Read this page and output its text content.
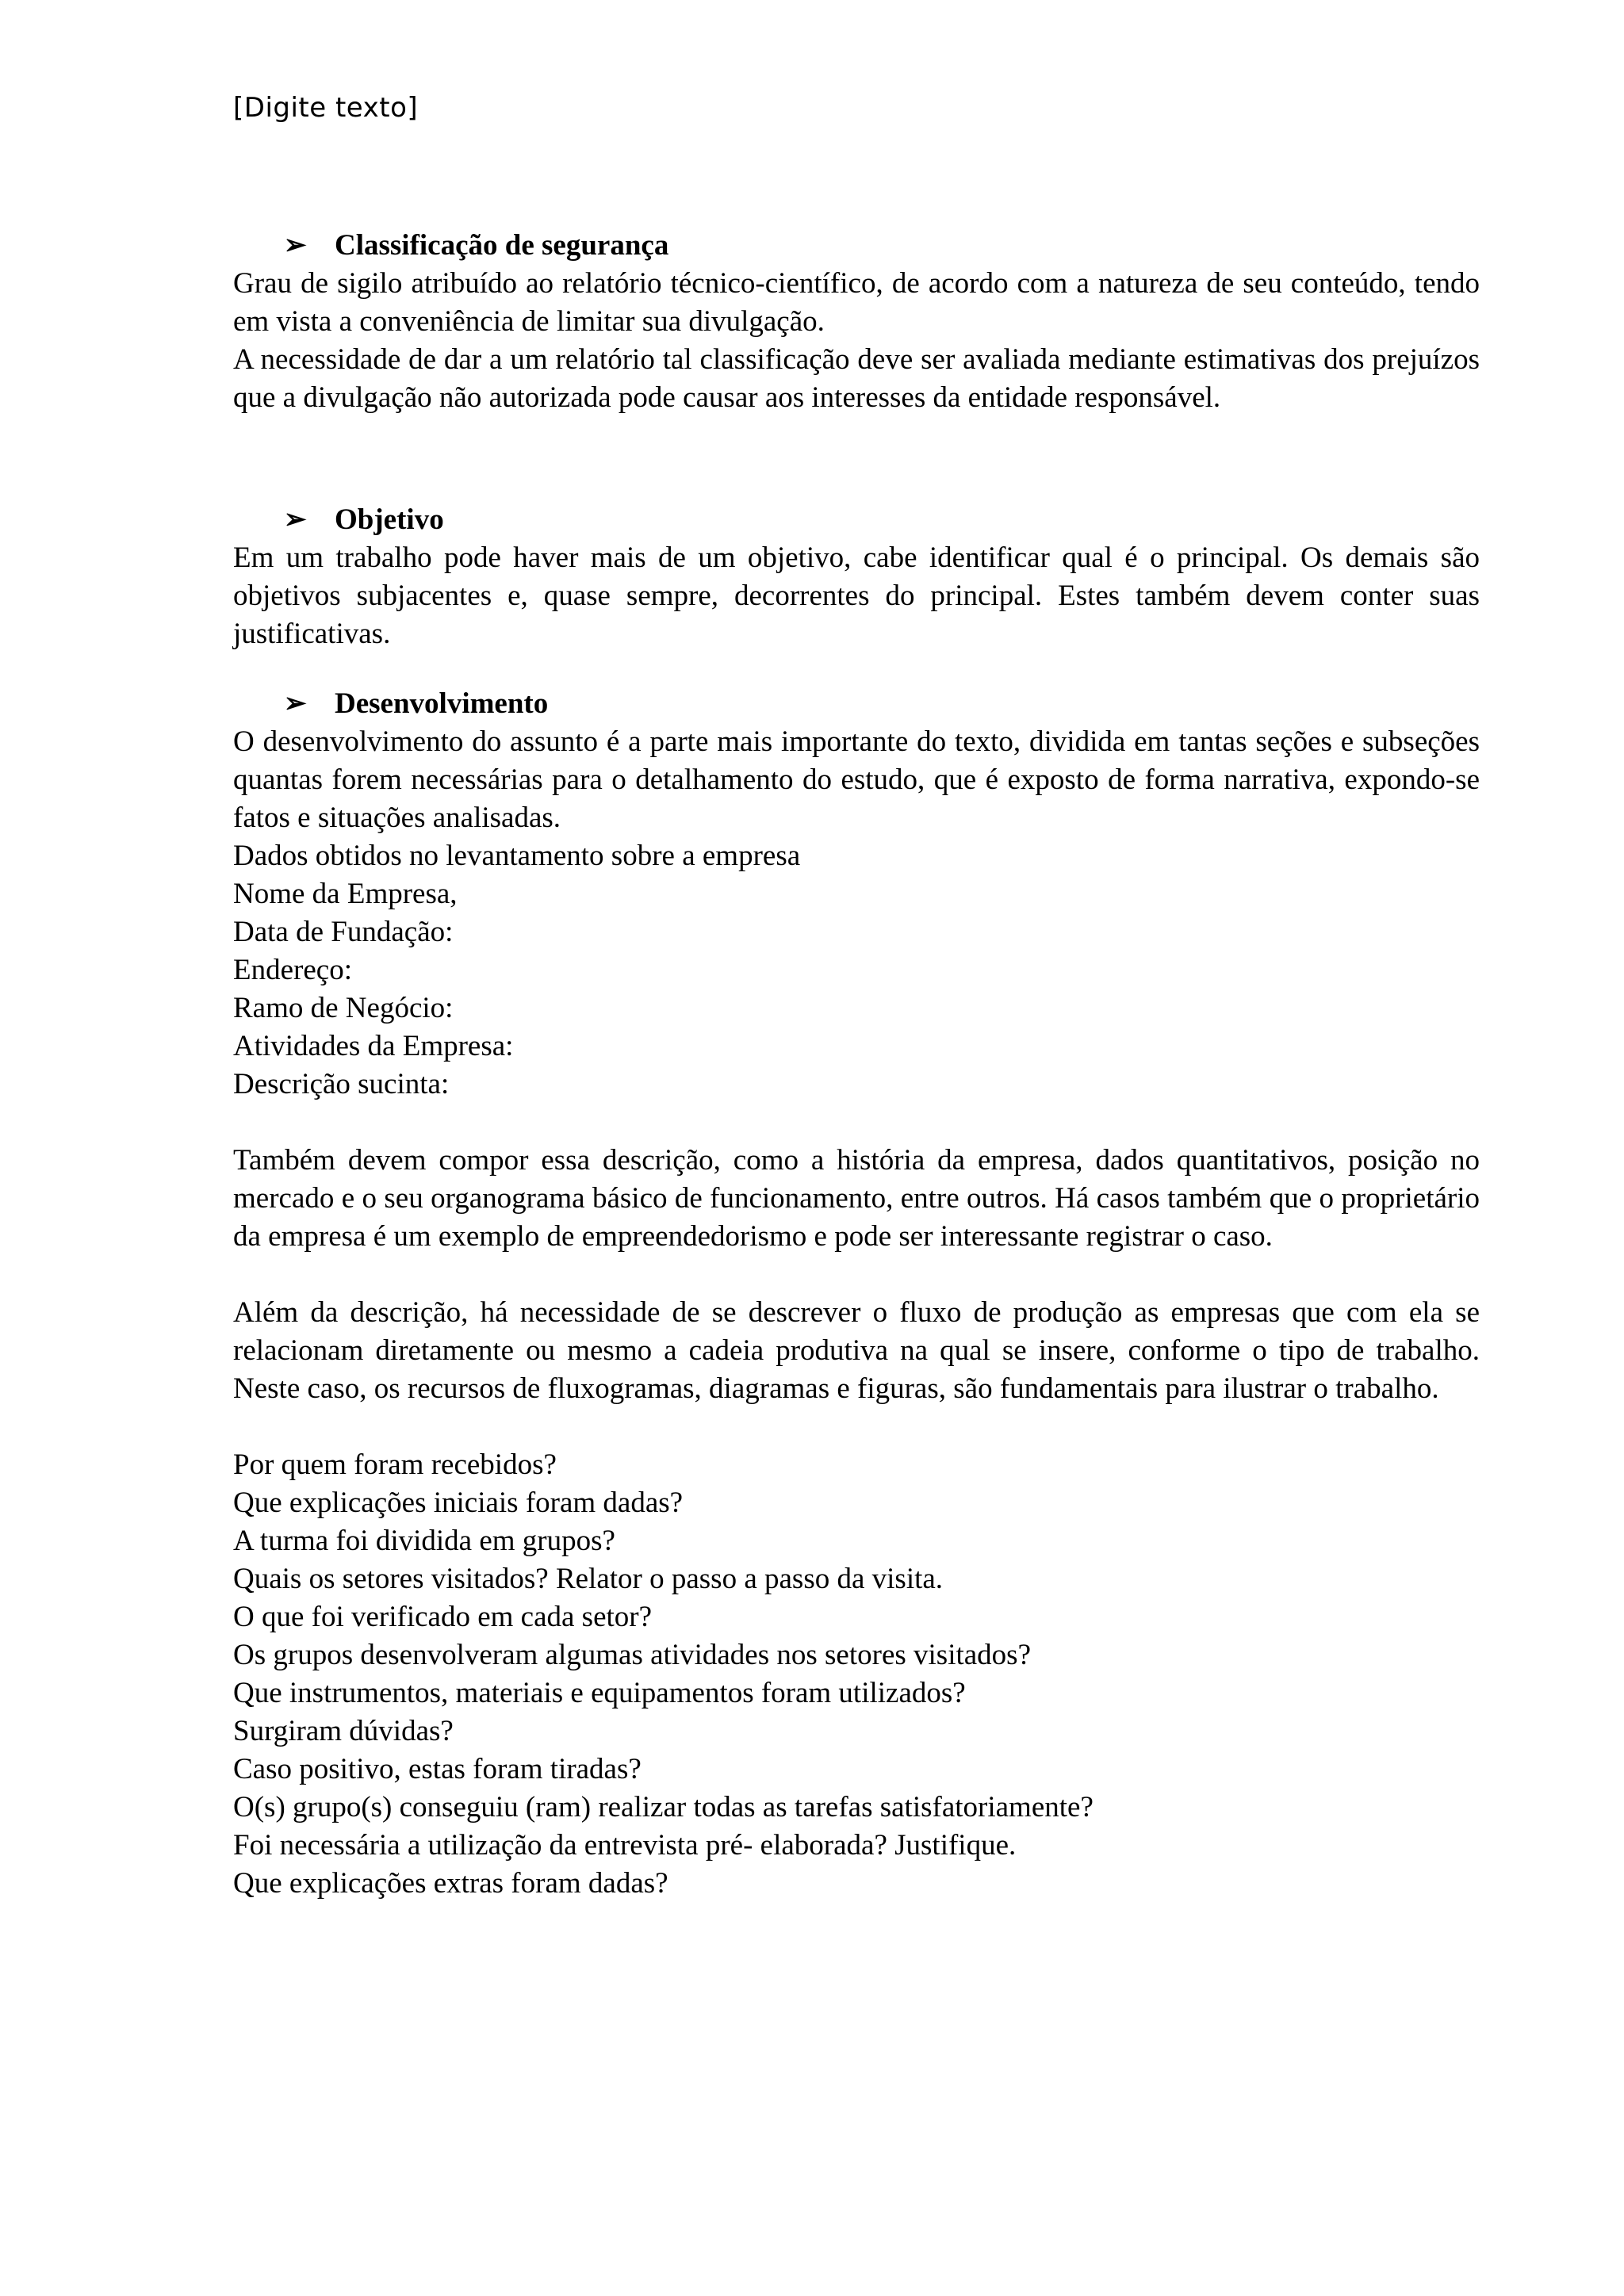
[Digite texto]
➢ Classificação de segurança

Grau de sigilo atribuído ao relatório técnico-científico, de acordo com a natureza de seu conteúdo, tendo em vista a conveniência de limitar sua divulgação.

A necessidade de dar a um relatório tal classificação deve ser avaliada mediante estimativas dos prejuízos que a divulgação não autorizada pode causar aos interesses da entidade responsável.

➢ Objetivo

Em um trabalho pode haver mais de um objetivo, cabe identificar qual é o principal. Os demais são objetivos subjacentes e, quase sempre, decorrentes do principal. Estes também devem conter suas justificativas.

➢ Desenvolvimento

O desenvolvimento do assunto é a parte mais importante do texto, dividida em tantas seções e subseções quantas forem necessárias para o detalhamento do estudo, que é exposto de forma narrativa, expondo-se fatos e situações analisadas.

Dados obtidos no levantamento sobre a empresa

Nome da Empresa,

Data de Fundação:

Endereço:

Ramo de Negócio:

Atividades da Empresa:

Descrição sucinta:

Também devem compor essa descrição, como a história da empresa, dados quantitativos, posição no mercado e o seu organograma básico de funcionamento, entre outros. Há casos também que o proprietário da empresa é um exemplo de empreendedorismo e pode ser interessante registrar o caso.

Além da descrição, há necessidade de se descrever o fluxo de produção as empresas que com ela se relacionam diretamente ou mesmo a cadeia produtiva na qual se insere, conforme o tipo de trabalho. Neste caso, os recursos de fluxogramas, diagramas e figuras, são fundamentais para ilustrar o trabalho.

Por quem foram recebidos?

Que explicações iniciais foram dadas?

A turma foi dividida em grupos?

Quais os setores visitados? Relator o passo a passo da visita.

O que foi verificado em cada setor?

Os grupos desenvolveram algumas atividades nos setores visitados?

Que instrumentos, materiais e equipamentos foram utilizados?

Surgiram dúvidas?

Caso positivo, estas foram tiradas?

O(s) grupo(s) conseguiu (ram) realizar todas as tarefas satisfatoriamente?

Foi necessária a utilização da entrevista pré- elaborada? Justifique.

Que explicações extras foram dadas?
